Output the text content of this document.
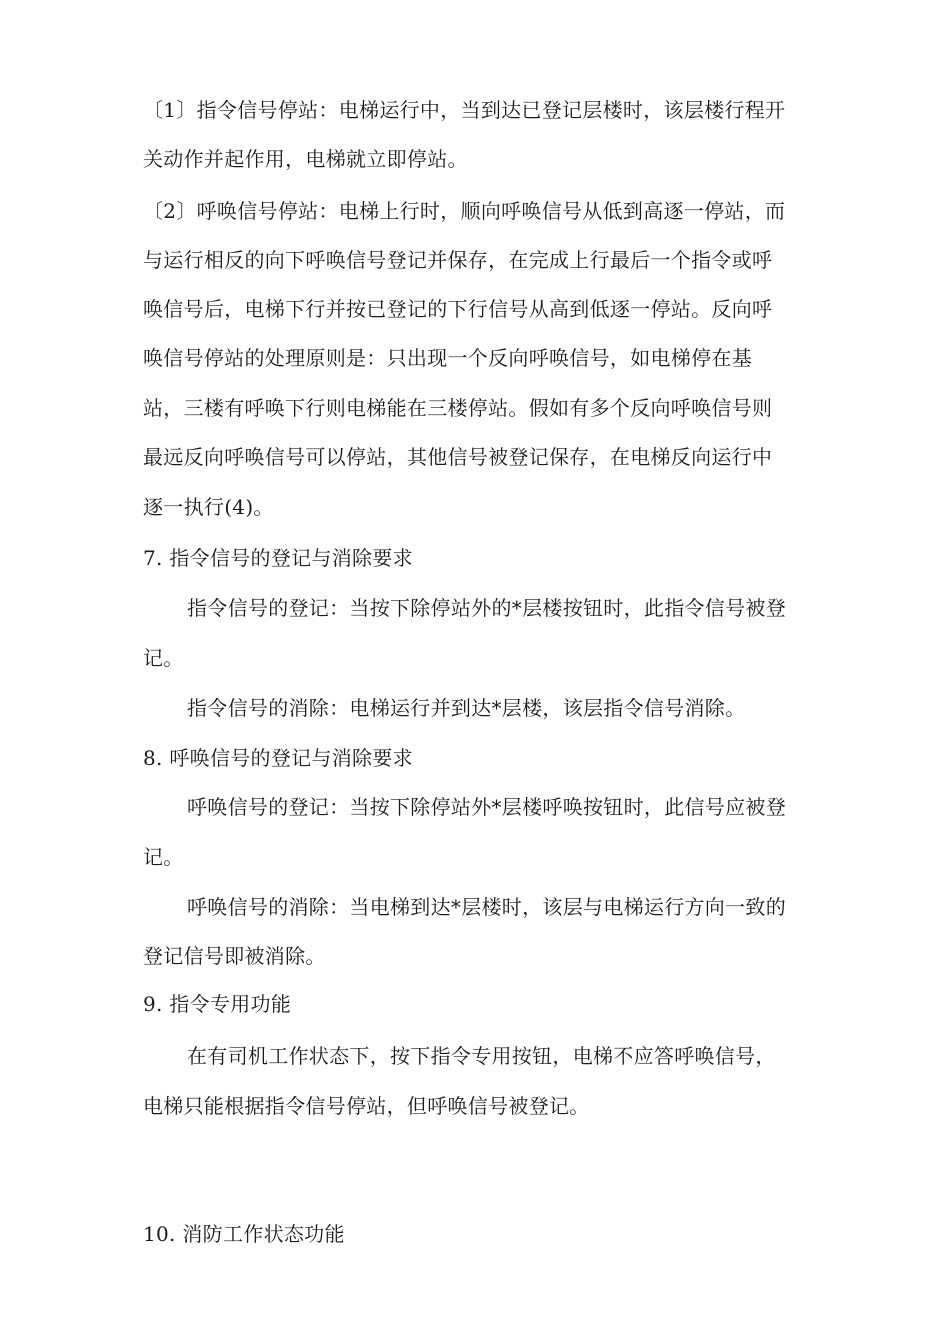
〔1〕指令信号停站：电梯运行中，当到达已登记层楼时，该层楼行程开
关动作并起作用，电梯就立即停站。
〔2〕呼唤信号停站：电梯上行时，顺向呼唤信号从低到高逐一停站，而
与运行相反的向下呼唤信号登记并保存，在完成上行最后一个指令或呼
唤信号后，电梯下行并按已登记的下行信号从高到低逐一停站。反向呼
唤信号停站的处理原则是：只出现一个反向呼唤信号，如电梯停在基
站，三楼有呼唤下行则电梯能在三楼停站。假如有多个反向呼唤信号则
最远反向呼唤信号可以停站，其他信号被登记保存，在电梯反向运行中
逐一执行(4)。
7. 指令信号的登记与消除要求
指令信号的登记：当按下除停站外的*层楼按钮时，此指令信号被登
记。
指令信号的消除：电梯运行并到达*层楼，该层指令信号消除。
8. 呼唤信号的登记与消除要求
呼唤信号的登记：当按下除停站外*层楼呼唤按钮时，此信号应被登
记。
呼唤信号的消除：当电梯到达*层楼时，该层与电梯运行方向一致的
登记信号即被消除。
9. 指令专用功能
在有司机工作状态下，按下指令专用按钮，电梯不应答呼唤信号，
电梯只能根据指令信号停站，但呼唤信号被登记。
10. 消防工作状态功能
